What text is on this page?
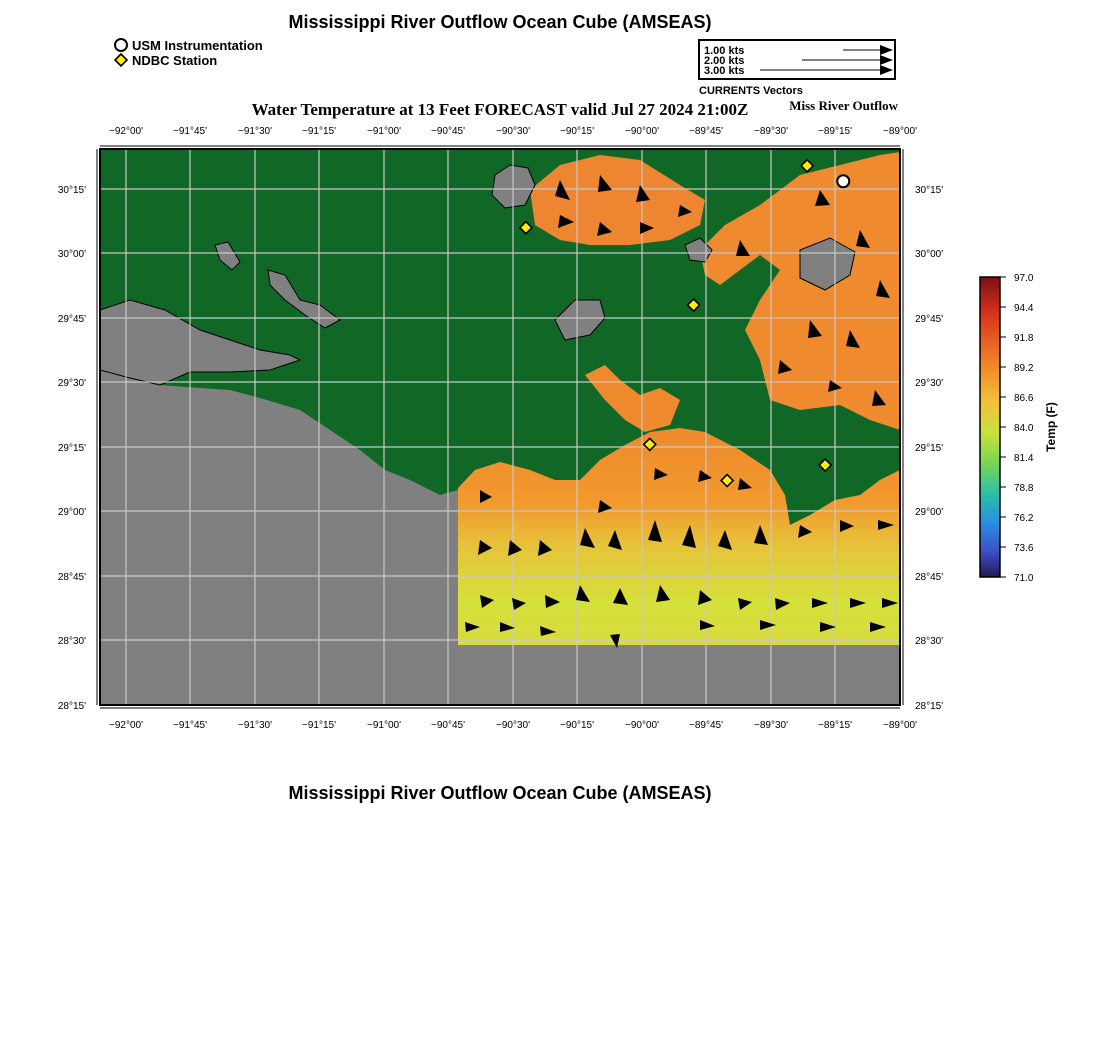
Mississippi River Outflow Ocean Cube (AMSEAS)
USM Instrumentation
NDBC Station
Mississippi River Outflow Ocean Cube (AMSEAS)
Water Temperature at 13 Feet FORECAST valid Jul 27 2024 21:00Z	Miss River Outflow
1.00 kts
2.00 kts
3.00 kts
CURRENTS Vectors
−92°00'	−91°45'	−91°30'	−91°15'	−91°00'	−90°45'	−90°30'	−90°15'	−90°00'	−89°45'	−89°30'	−89°15'	−89°00'
−92°00'	−91°45'	−91°30'	−91°15'	−91°00'	−90°45'	−90°30'	−90°15'	−90°00'	−89°45'	−89°30'	−89°15'	−89°00'
30°15'
30°00'
29°45'
29°30'
29°15'
29°00'
28°45'
28°30'
28°15'
30°15'
30°00'
29°45'
29°30'
29°15'
29°00'
28°45'
28°30'
28°15'
97.0
94.4
91.8
89.2
86.6
84.0
81.4
78.8
76.2
73.6
71.0
Temp (F)
